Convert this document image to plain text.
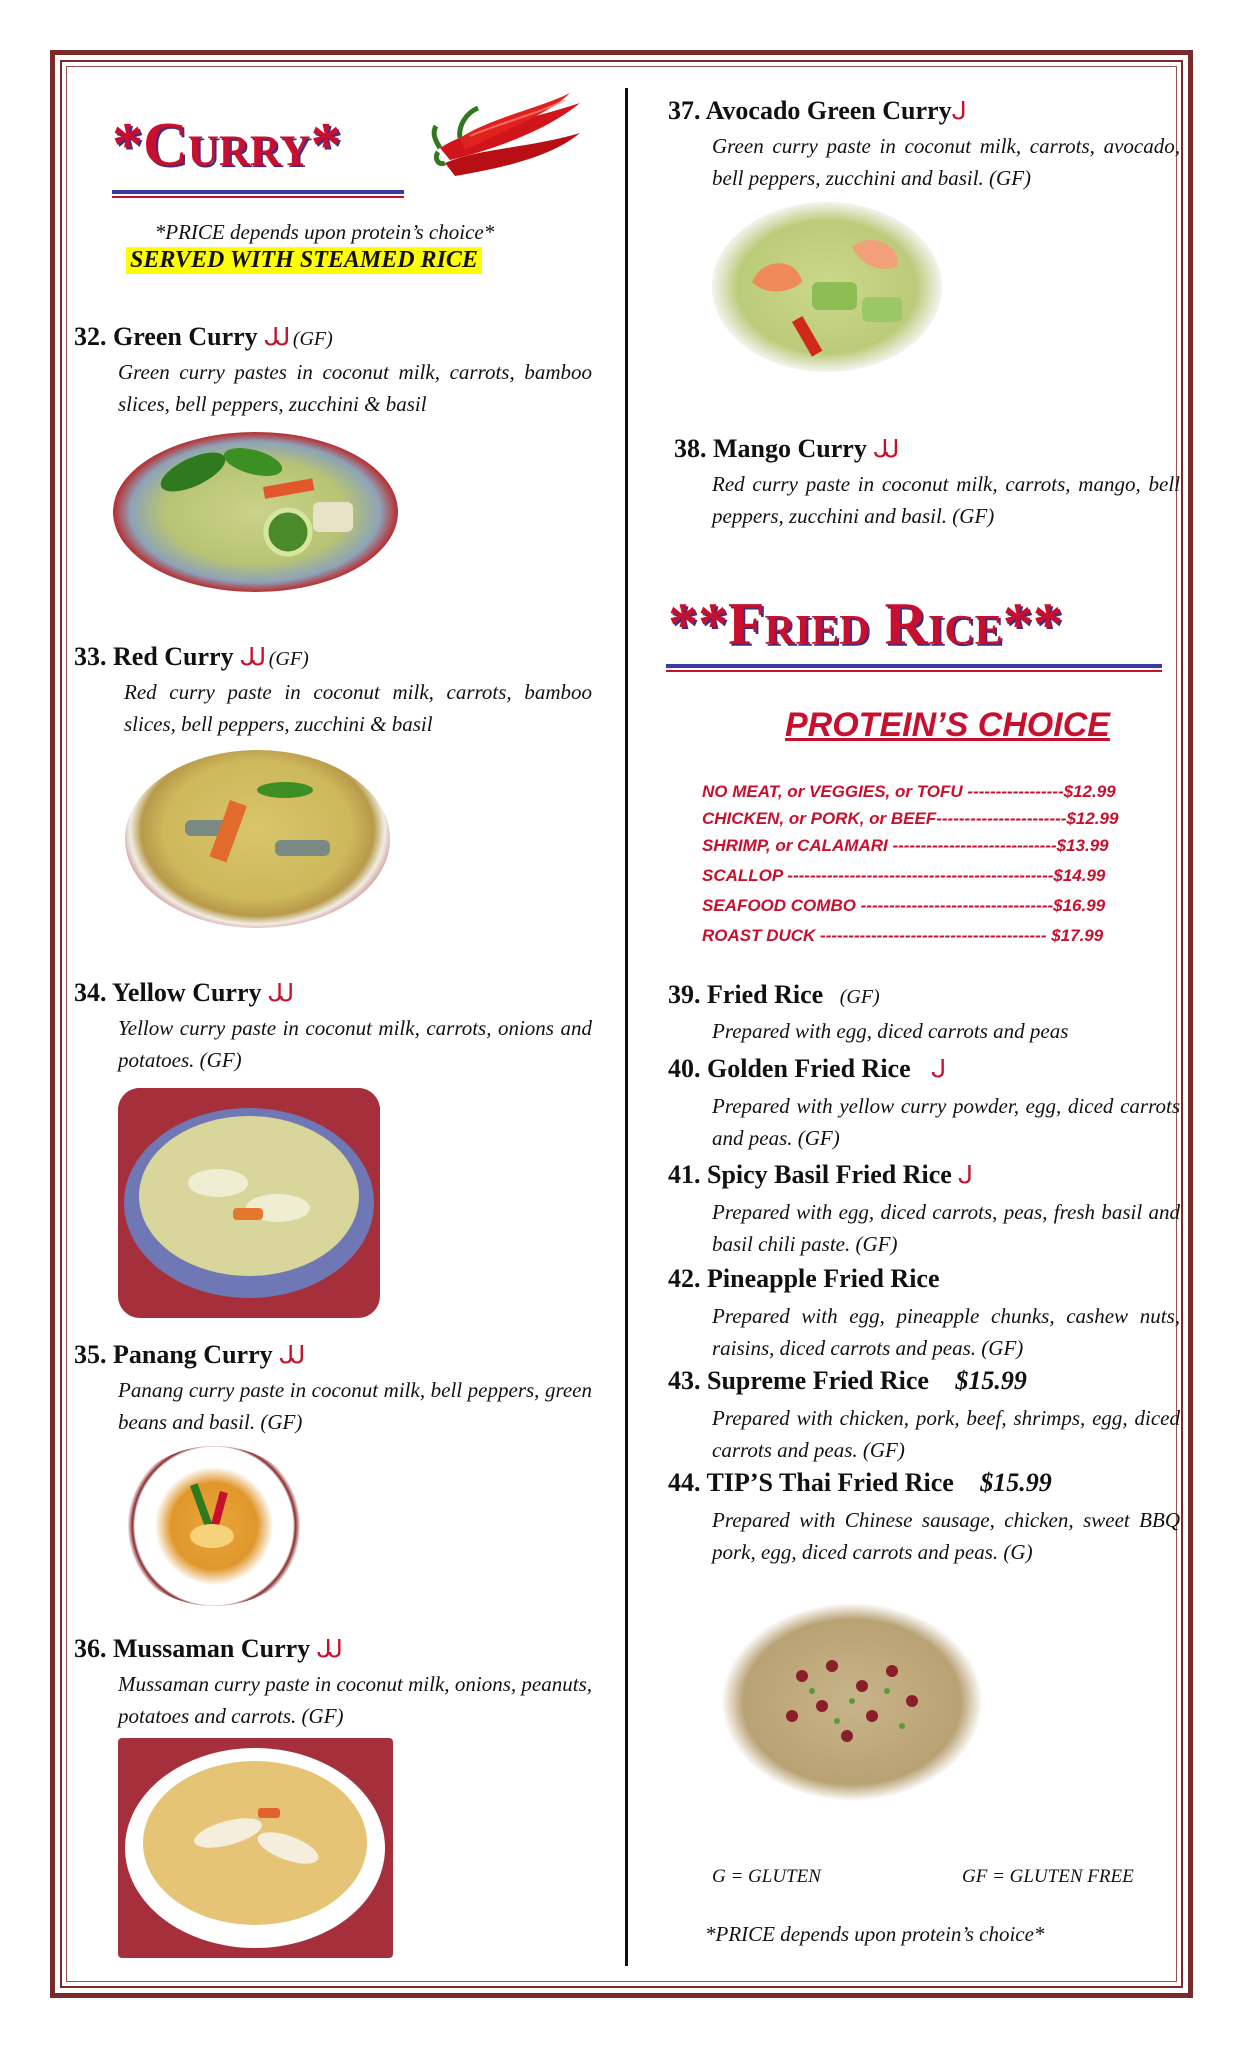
*Curry*
*PRICE depends upon protein’s choice*
SERVED WITH STEAMED RICE
32. Green Curry ᒍᒍ (GF)
Green curry pastes in coconut milk, carrots, bamboo slices, bell peppers, zucchini & basil
33. Red Curry ᒍᒍ (GF)
Red curry paste in coconut milk, carrots, bamboo slices, bell peppers, zucchini & basil
34. Yellow Curry ᒍᒍ
Yellow curry paste in coconut milk, carrots, onions and potatoes. (GF)
35. Panang Curry ᒍᒍ
Panang curry paste in coconut milk, bell peppers, green beans and basil. (GF)
36. Mussaman Curry ᒍᒍ
Mussaman curry paste in coconut milk, onions, peanuts, potatoes and carrots. (GF)
37. Avocado Green Curryᒍ
Green curry paste in coconut milk, carrots, avocado, bell peppers, zucchini and basil. (GF)
38. Mango Curry ᒍᒍ
Red curry paste in coconut milk, carrots, mango, bell peppers, zucchini and basil. (GF)
**Fried Rice**
PROTEIN’S CHOICE
NO MEAT, or VEGGIES, or TOFU -----------------$12.99
CHICKEN, or PORK, or BEEF-----------------------$12.99
SHRIMP, or CALAMARI -----------------------------$13.99
SCALLOP -----------------------------------------------$14.99
SEAFOOD COMBO ----------------------------------$16.99
ROAST DUCK ---------------------------------------- $17.99
39. Fried Rice (GF)
Prepared with egg, diced carrots and peas
40. Golden Fried Rice ᒍ
Prepared with yellow curry powder, egg, diced carrots and peas. (GF)
41. Spicy Basil Fried Rice ᒍ
Prepared with egg, diced carrots, peas, fresh basil and basil chili paste. (GF)
42. Pineapple Fried Rice
Prepared with egg, pineapple chunks, cashew nuts, raisins, diced carrots and peas. (GF)
43. Supreme Fried Rice $15.99
Prepared with chicken, pork, beef, shrimps, egg, diced carrots and peas. (GF)
44. TIP’S Thai Fried Rice $15.99
Prepared with Chinese sausage, chicken, sweet BBQ pork, egg, diced carrots and peas. (G)
G = GLUTEN	GF = GLUTEN FREE
*PRICE depends upon protein’s choice*
